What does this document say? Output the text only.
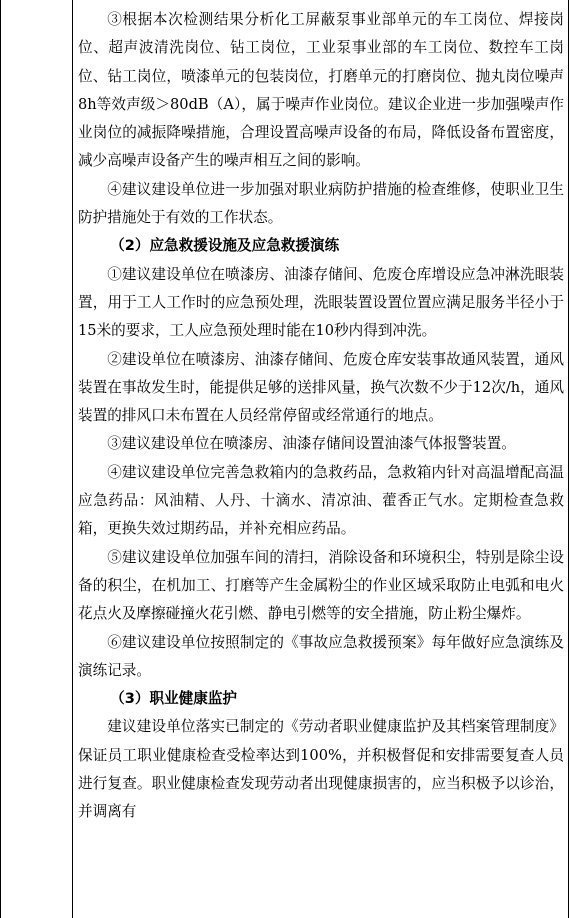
③根据本次检测结果分析化工屏蔽泵事业部单元的车工岗位、焊接岗位、超声波清洗岗位、钻工岗位，工业泵事业部的车工岗位、数控车工岗位、钻工岗位，喷漆单元的包装岗位，打磨单元的打磨岗位、抛丸岗位噪声8h等效声级＞80dB（A），属于噪声作业岗位。建议企业进一步加强噪声作业岗位的减振降噪措施，合理设置高噪声设备的布局，降低设备布置密度，减少高噪声设备产生的噪声相互之间的影响。

④建议建设单位进一步加强对职业病防护措施的检查维修，使职业卫生防护措施处于有效的工作状态。

（2）应急救援设施及应急救援演练

①建议建设单位在喷漆房、油漆存储间、危废仓库增设应急冲淋洗眼装置，用于工人工作时的应急预处理，洗眼装置设置位置应满足服务半径小于15米的要求，工人应急预处理时能在10秒内得到冲洗。

②建设单位在喷漆房、油漆存储间、危废仓库安装事故通风装置，通风装置在事故发生时，能提供足够的送排风量，换气次数不少于12次/h，通风装置的排风口未布置在人员经常停留或经常通行的地点。

③建议建设单位在喷漆房、油漆存储间设置油漆气体报警装置。

④建议建设单位完善急救箱内的急救药品，急救箱内针对高温增配高温应急药品：风油精、人丹、十滴水、清凉油、藿香正气水。定期检查急救箱，更换失效过期药品，并补充相应药品。

⑤建议建设单位加强车间的清扫，消除设备和环境积尘，特别是除尘设备的积尘，在机加工、打磨等产生金属粉尘的作业区域采取防止电弧和电火花点火及摩擦碰撞火花引燃、静电引燃等的安全措施，防止粉尘爆炸。

⑥建议建设单位按照制定的《事故应急救援预案》每年做好应急演练及演练记录。

（3）职业健康监护

建议建设单位落实已制定的《劳动者职业健康监护及其档案管理制度》保证员工职业健康检查受检率达到100%，并积极督促和安排需要复查人员进行复查。职业健康检查发现劳动者出现健康损害的，应当积极予以诊治，并调离有
